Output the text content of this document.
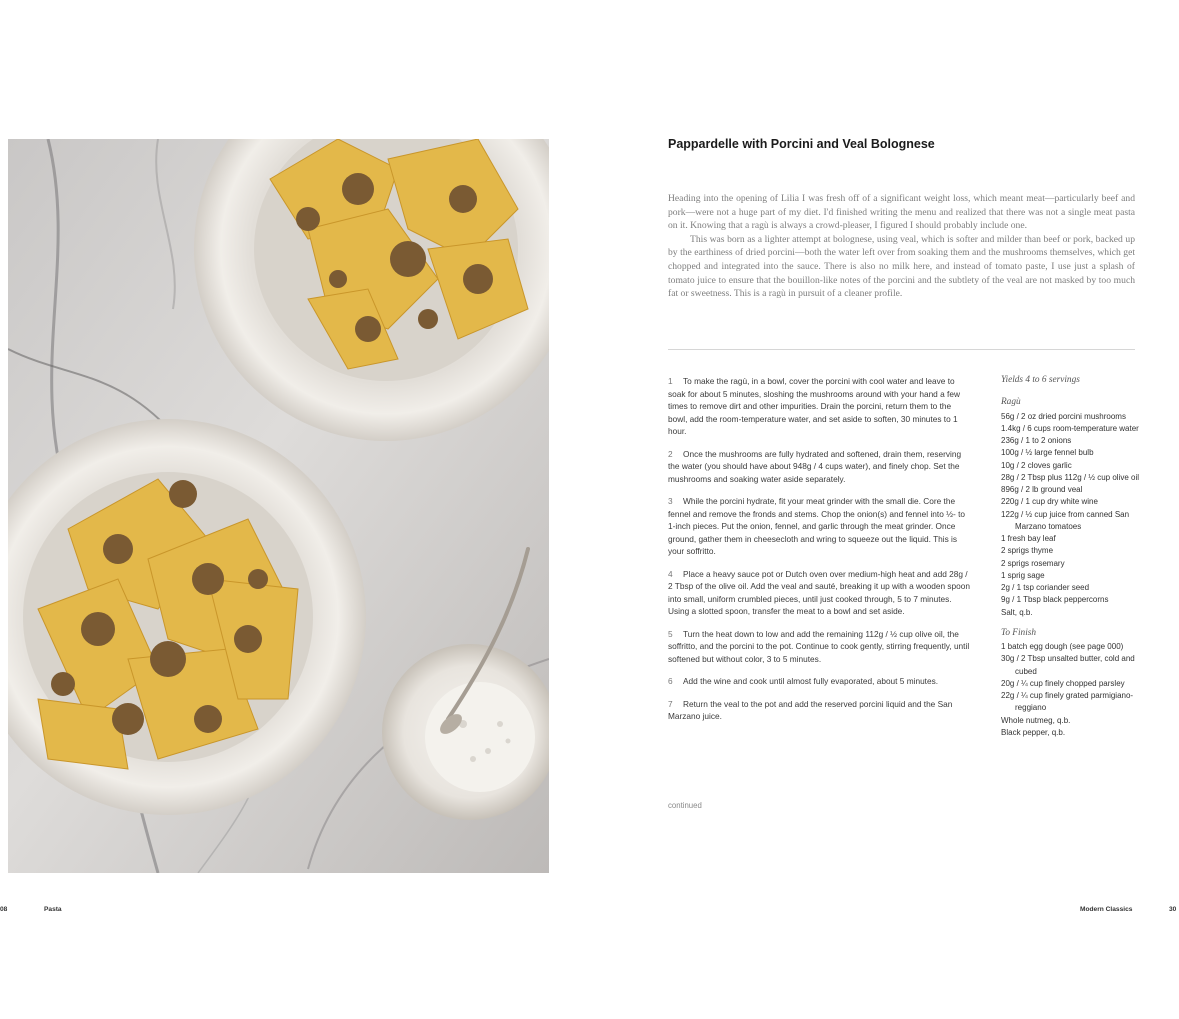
Pappardelle with Porcini and Veal Bolognese

Heading into the opening of Lilia I was fresh off of a significant weight loss, which meant meat—particularly beef and pork—were not a huge part of my diet. I'd finished writing the menu and realized that there was not a single meat pasta on it. Knowing that a ragù is always a crowd-pleaser, I figured I should probably include one.

This was born as a lighter attempt at bolognese, using veal, which is softer and milder than beef or pork, backed up by the earthiness of dried porcini—both the water left over from soaking them and the mushrooms themselves, which get chopped and integrated into the sauce. There is also no milk here, and instead of tomato paste, I use just a splash of tomato juice to ensure that the bouillon-like notes of the porcini and the subtlety of the veal are not masked by too much fat or sweetness. This is a ragù in pursuit of a cleaner profile.

1 To make the ragù, in a bowl, cover the porcini with cool water and leave to soak for about 5 minutes, sloshing the mushrooms around with your hand a few times to remove dirt and other impurities. Drain the porcini, return them to the bowl, add the room-temperature water, and set aside to soften, 30 minutes to 1 hour.
2 Once the mushrooms are fully hydrated and softened, drain them, reserving the water (you should have about 948g / 4 cups water), and finely chop. Set the mushrooms and soaking water aside separately.
3 While the porcini hydrate, fit your meat grinder with the small die. Core the fennel and remove the fronds and stems. Chop the onion(s) and fennel into ½- to 1-inch pieces. Put the onion, fennel, and garlic through the meat grinder. Once ground, gather them in cheesecloth and wring to squeeze out the liquid. This is your soffritto.
4 Place a heavy sauce pot or Dutch oven over medium-high heat and add 28g / 2 Tbsp of the olive oil. Add the veal and sauté, breaking it up with a wooden spoon into small, uniform crumbled pieces, until just cooked through, 5 to 7 minutes. Using a slotted spoon, transfer the meat to a bowl and set aside.
5 Turn the heat down to low and add the remaining 112g / ½ cup olive oil, the soffritto, and the porcini to the pot. Continue to cook gently, stirring frequently, until softened but without color, 3 to 5 minutes.
6 Add the wine and cook until almost fully evaporated, about 5 minutes.
7 Return the veal to the pot and add the reserved porcini liquid and the San Marzano juice.
continued
Yields 4 to 6 servings
Ragù
56g / 2 oz dried porcini mushrooms
1.4kg / 6 cups room-temperature water
236g / 1 to 2 onions
100g / ½ large fennel bulb
10g / 2 cloves garlic
28g / 2 Tbsp plus 112g / ½ cup olive oil
896g / 2 lb ground veal
220g / 1 cup dry white wine
122g / ½ cup juice from canned San Marzano tomatoes
1 fresh bay leaf
2 sprigs thyme
2 sprigs rosemary
1 sprig sage
2g / 1 tsp coriander seed
9g / 1 Tbsp black peppercorns
Salt, q.b.
To Finish
1 batch egg dough (see page 000)
30g / 2 Tbsp unsalted butter, cold and cubed
20g / ¼ cup finely chopped parsley
22g / ¼ cup finely grated parmigiano-reggiano
Whole nutmeg, q.b.
Black pepper, q.b.
08	Pasta	Modern Classics	30
